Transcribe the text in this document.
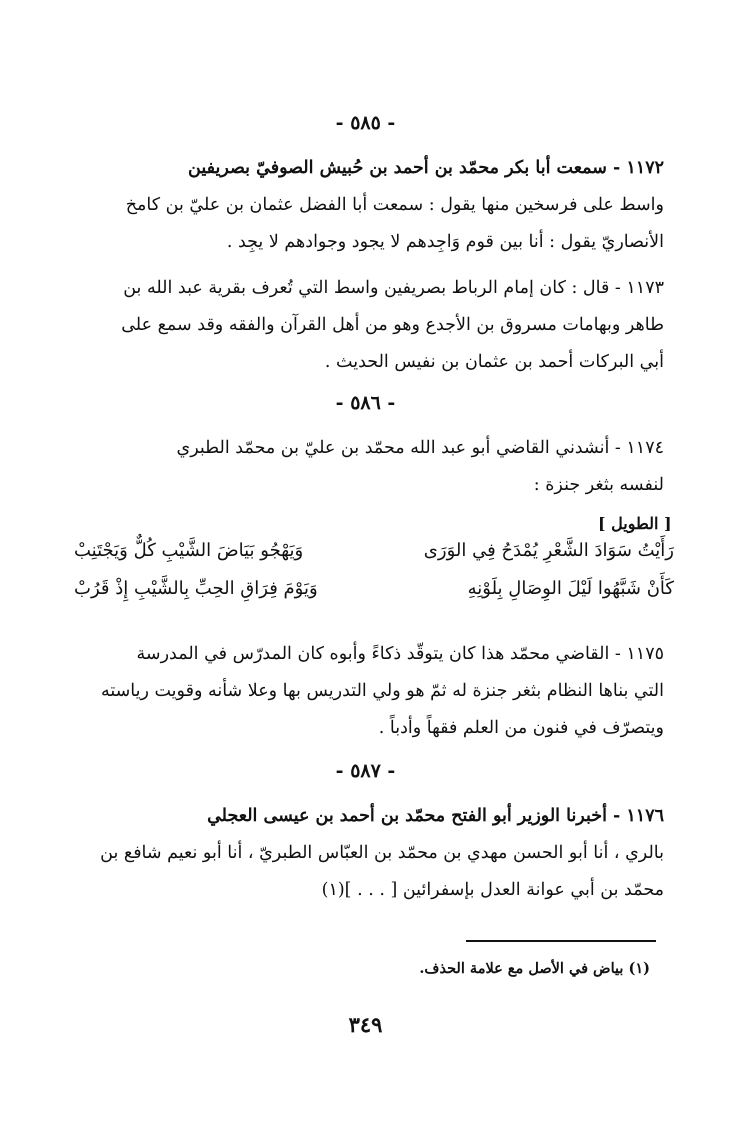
- ٥٨٥ -
١١٧٢ - سمعت أبا بكر محمّد بن أحمد بن حُبيش الصوفيّ بصريفين
واسط على فرسخين منها يقول : سمعت أبا الفضل عثمان بن عليّ بن كامخ
الأنصاريّ يقول : أنا بين قوم وَاجِدهم لا يجود وجوادهم لا يجِد .
١١٧٣ - قال : كان إمام الرباط بصريفين واسط التي تُعرف بقرية عبد الله بن
طاهر وبهامات مسروق بن الأجدع وهو من أهل القرآن والفقه وقد سمع على
أبي البركات أحمد بن عثمان بن نفيس الحديث .
- ٥٨٦ -
١١٧٤ - أنشدني القاضي أبو عبد الله محمّد بن عليّ بن محمّد الطبري
لنفسه بثغر جنزة :
[ الطويل ]
رَأَيْتُ سَوَادَ الشَّعْرِ يُمْدَحُ فِي الوَرَى
وَيَهْجُو بَيَاضَ الشَّيْبِ كُلٌّ وَيَجْتَنِبْ
كَأَنْ شَبَّهُوا لَيْلَ الوِصَالِ بِلَوْنِهِ
وَيَوْمَ فِرَاقِ الحِبِّ بِالشَّيْبِ إِذْ قَرُبْ
١١٧٥ - القاضي محمّد هذا كان يتوقّد ذكاءً وأبوه كان المدرّس في المدرسة
التي بناها النظام بثغر جنزة له ثمّ هو ولي التدريس بها وعلا شأنه وقويت رياسته
ويتصرّف في فنون من العلم فقهاً وأدباً .
- ٥٨٧ -
١١٧٦ - أخبرنا الوزير أبو الفتح محمّد بن أحمد بن عيسى العجلي
بالري ، أنا أبو الحسن مهدي بن محمّد بن العبّاس الطبريّ ، أنا أبو نعيم شافع بن
محمّد بن أبي عوانة العدل بإسفرائين [ . . . ](١)
(١) بياض في الأصل مع علامة الحذف.
٣٤٩
